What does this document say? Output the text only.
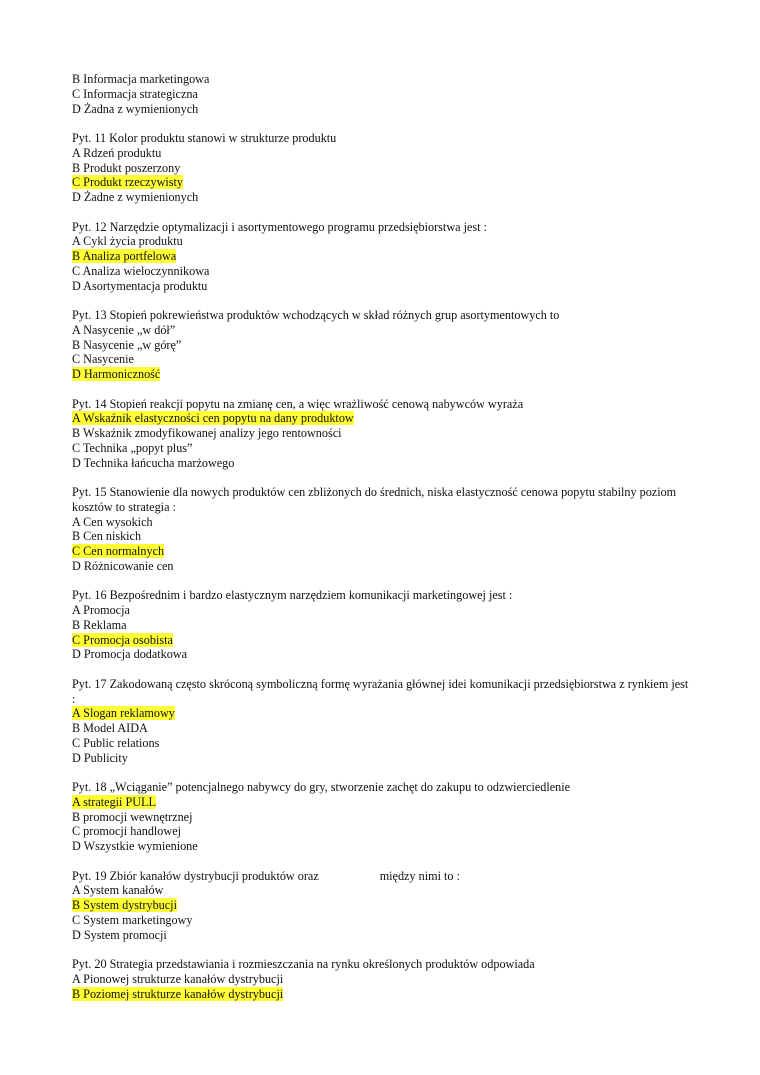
B Informacja marketingowa
C Informacja strategiczna
D Żadna z wymienionych
Pyt. 11 Kolor produktu stanowi w strukturze produktu
A Rdzeń produktu
B Produkt poszerzony
C Produkt rzeczywisty
D Żadne z wymienionych
Pyt. 12 Narzędzie optymalizacji i asortymentowego programu przedsiębiorstwa jest :
A Cykl życia produktu
B Analiza portfelowa
C Analiza wieloczynnikowa
D Asortymentacja produktu
Pyt. 13 Stopień pokrewieństwa produktów wchodzących w skład różnych grup asortymentowych to
A Nasycenie „w dół”
B Nasycenie „w górę”
C Nasycenie
D Harmoniczność
Pyt. 14 Stopień reakcji popytu na zmianę cen, a więc wrażliwość cenową nabywców wyraża
A Wskaźnik elastyczności cen popytu na dany produktow
B Wskaźnik zmodyfikowanej analizy jego rentowności
C Technika „popyt plus”
D Technika łańcucha marżowego
Pyt. 15 Stanowienie dla nowych produktów cen zbliżonych do średnich, niska elastyczność cenowa popytu stabilny poziom kosztów to strategia :
A Cen wysokich
B Cen niskich
C Cen normalnych
D Różnicowanie cen
Pyt. 16 Bezpośrednim i bardzo elastycznym narzędziem komunikacji marketingowej jest :
A Promocja
B Reklama
C Promocja osobista
D Promocja dodatkowa
Pyt. 17 Zakodowaną często skróconą symboliczną formę wyrażania głównej idei komunikacji przedsiębiorstwa z rynkiem jest :
A Slogan reklamowy
B Model AIDA
C Public relations
D Publicity
Pyt. 18 „Wciąganie” potencjalnego nabywcy do gry, stworzenie zachęt do zakupu to odzwierciedlenie
A strategii PULL
B promocji wewnętrznej
C promocji handlowej
D Wszystkie wymienione
Pyt. 19 Zbiór kanałów dystrybucji produktów oraz                    między nimi to :
A System kanałów
B System dystrybucji
C System marketingowy
D System promocji
Pyt. 20 Strategia przedstawiania i rozmieszczania na rynku określonych produktów odpowiada
A Pionowej strukturze kanałów dystrybucji
B Poziomej strukturze kanałów dystrybucji
